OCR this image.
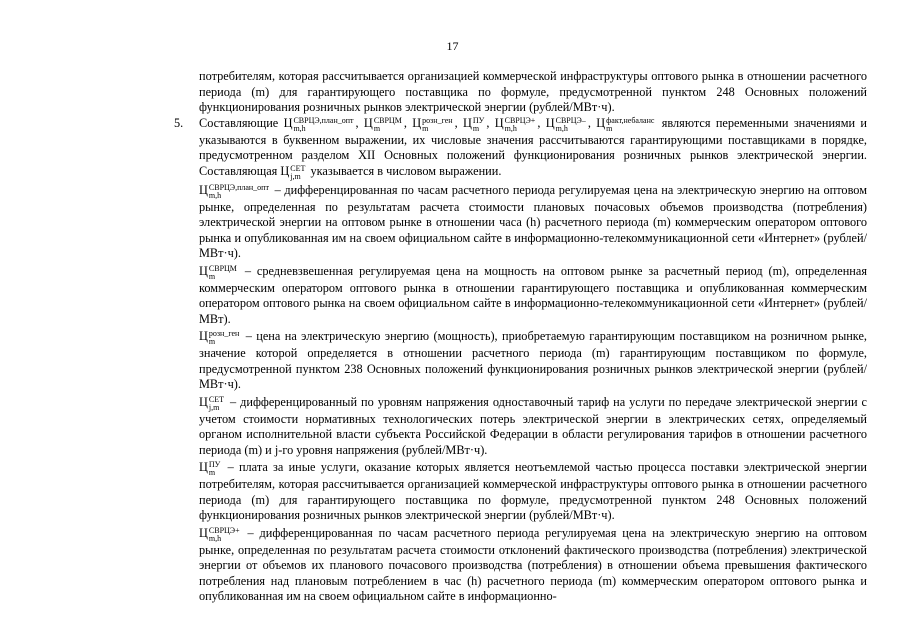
17

потребителям, которая рассчитывается организацией коммерческой инфраструктуры оптового рынка в отношении расчетного периода (m) для гарантирующего поставщика по формуле, предусмотренной пунктом 248 Основных положений функционирования розничных рынков электрической энергии (рублей/МВт·ч).

5. Составляющие Ц СВРЦЭ,план_опт
m,h	, Ц СВРЦМ
m	, Ц розн_ген
m	, Ц ПУ
m , Ц СВРЦЭ+
m,h	, Ц СВРЦЭ–
m,h	, Ц факт,небаланс
m	являются переменными значениями и указываются в буквенном выражении, их числовые значения рассчитываются гарантирующими поставщиками в порядке, предусмотренном разделом XII Основных положений функционирования розничных рынков электрической энергии. Составляющая Ц СЕТ
j,m указывается в числовом выражении.

Ц СВРЦЭ,план_опт
m,h	– дифференцированная по часам расчетного периода регулируемая цена на электрическую энергию на оптовом рынке, определенная по результатам расчета стоимости плановых почасовых объемов производства (потребления) электрической энергии на оптовом рынке в отношении часа (h) расчетного периода (m) коммерческим оператором оптового рынка и опубликованная им на своем официальном сайте в информационно-телекоммуникационной сети «Интернет» (рублей/МВт·ч).

Ц СВРЦМ
m	– средневзвешенная регулируемая цена на мощность на оптовом рынке за расчетный период (m), определенная коммерческим оператором оптового рынка в отношении гарантирующего поставщика и опубликованная коммерческим оператором оптового рынка на своем официальном сайте в информационно-телекоммуникационной сети «Интернет» (рублей/МВт).

Ц розн_ген
m	– цена на электрическую энергию (мощность), приобретаемую гарантирующим поставщиком на розничном рынке, значение которой определяется в отношении расчетного периода (m) гарантирующим поставщиком по формуле, предусмотренной пунктом 238 Основных положений функционирования розничных рынков электрической энергии (рублей/МВт·ч).

Ц СЕТ
j,m – дифференцированный по уровням напряжения одноставочный тариф на услуги по передаче электрической энергии с учетом стоимости нормативных технологических потерь электрической энергии в электрических сетях, определяемый органом исполнительной власти субъекта Российской Федерации в области регулирования тарифов в отношении расчетного периода (m) и j-го уровня напряжения (рублей/МВт·ч).

Ц ПУ
m	– плата за иные услуги, оказание которых является неотъемлемой частью процесса поставки электрической энергии потребителям, которая рассчитывается организацией коммерческой инфраструктуры оптового рынка в отношении расчетного периода (m) для гарантирующего поставщика по формуле, предусмотренной пунктом 248 Основных положений функционирования розничных рынков электрической энергии (рублей/МВт·ч).

Ц СВРЦЭ+
m,h	– дифференцированная по часам расчетного периода регулируемая цена на электрическую энергию на оптовом рынке, определенная по результатам расчета стоимости отклонений фактического производства (потребления) электрической энергии от объемов их планового почасового производства (потребления) в отношении объема превышения фактического потребления над плановым потреблением в час (h) расчетного периода (m) коммерческим оператором оптового рынка и опубликованная им на своем официальном сайте в информационно-
